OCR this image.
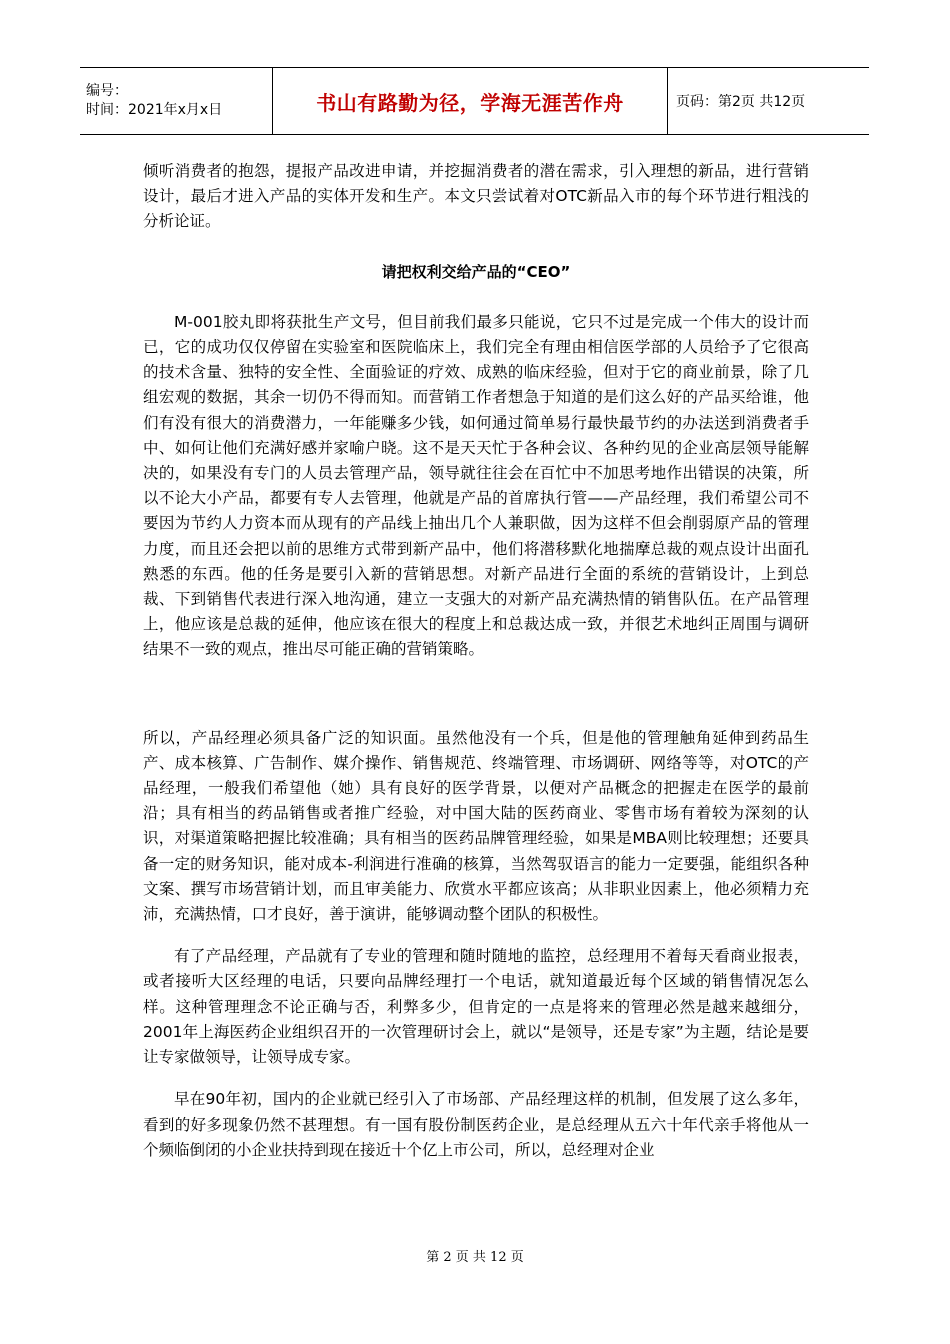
编号：
时间：2021年x月x日	书山有路勤为径，学海无涯苦作舟	页码：第2页 共12页

倾听消费者的抱怨，提报产品改进申请，并挖掘消费者的潜在需求，引入理想的新品，进行营销设计，最后才进入产品的实体开发和生产。本文只尝试着对OTC新品入市的每个环节进行粗浅的分析论证。

请把权利交给产品的“CEO”

M-001胶丸即将获批生产文号，但目前我们最多只能说，它只不过是完成一个伟大的设计而已，它的成功仅仅停留在实验室和医院临床上，我们完全有理由相信医学部的人员给予了它很高的技术含量、独特的安全性、全面验证的疗效、成熟的临床经验，但对于它的商业前景，除了几组宏观的数据，其余一切仍不得而知。而营销工作者想急于知道的是们这么好的产品买给谁，他们有没有很大的消费潜力，一年能赚多少钱，如何通过简单易行最快最节约的办法送到消费者手中、如何让他们充满好感并家喻户晓。这不是天天忙于各种会议、各种约见的企业高层领导能解决的，如果没有专门的人员去管理产品，领导就往往会在百忙中不加思考地作出错误的决策，所以不论大小产品，都要有专人去管理，他就是产品的首席执行管——产品经理，我们希望公司不要因为节约人力资本而从现有的产品线上抽出几个人兼职做，因为这样不但会削弱原产品的管理力度，而且还会把以前的思维方式带到新产品中，他们将潜移默化地揣摩总裁的观点设计出面孔熟悉的东西。他的任务是要引入新的营销思想。对新产品进行全面的系统的营销设计，上到总裁、下到销售代表进行深入地沟通，建立一支强大的对新产品充满热情的销售队伍。在产品管理上，他应该是总裁的延伸，他应该在很大的程度上和总裁达成一致，并很艺术地纠正周围与调研结果不一致的观点，推出尽可能正确的营销策略。

所以，产品经理必须具备广泛的知识面。虽然他没有一个兵，但是他的管理触角延伸到药品生产、成本核算、广告制作、媒介操作、销售规范、终端管理、市场调研、网络等等，对OTC的产品经理，一般我们希望他（她）具有良好的医学背景，以便对产品概念的把握走在医学的最前沿；具有相当的药品销售或者推广经验，对中国大陆的医药商业、零售市场有着较为深刻的认识，对渠道策略把握比较准确；具有相当的医药品牌管理经验，如果是MBA则比较理想；还要具备一定的财务知识，能对成本-利润进行准确的核算，当然驾驭语言的能力一定要强，能组织各种文案、撰写市场营销计划，而且审美能力、欣赏水平都应该高；从非职业因素上，他必须精力充沛，充满热情，口才良好，善于演讲，能够调动整个团队的积极性。

有了产品经理，产品就有了专业的管理和随时随地的监控，总经理用不着每天看商业报表，或者接听大区经理的电话，只要向品牌经理打一个电话，就知道最近每个区域的销售情况怎么样。这种管理理念不论正确与否，利弊多少，但肯定的一点是将来的管理必然是越来越细分，2001年上海医药企业组织召开的一次管理研讨会上，就以“是领导，还是专家”为主题，结论是要让专家做领导，让领导成专家。

早在90年初，国内的企业就已经引入了市场部、产品经理这样的机制，但发展了这么多年，看到的好多现象仍然不甚理想。有一国有股份制医药企业，是总经理从五六十年代亲手将他从一个频临倒闭的小企业扶持到现在接近十个亿上市公司，所以，总经理对企业

第 2 页 共 12 页
